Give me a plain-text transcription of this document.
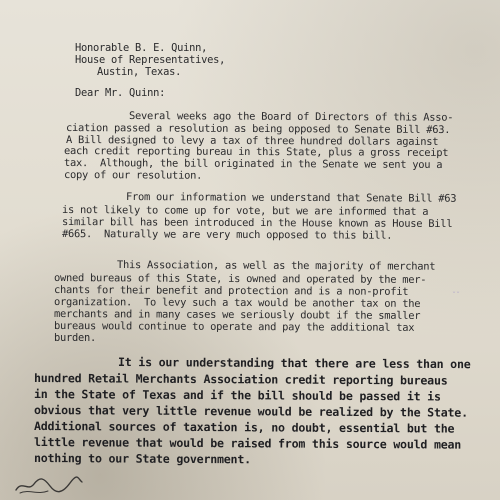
Honorable B. E. Quinn,
House of Representatives,
Austin, Texas.
Dear Mr. Quinn:
Several weeks ago the Board of Directors of this Asso-
ciation passed a resolution as being opposed to Senate Bill #63.
A Bill designed to levy a tax of three hundred dollars against
each credit reporting bureau in this State, plus a gross receipt
tax.  Although, the bill originated in the Senate we sent you a
copy of our resolution.
From our information we understand that Senate Bill #63
is not likely to come up for vote, but we are informed that a
similar bill has been introduced in the House known as House Bill
#665.  Naturally we are very much opposed to this bill.
This Association, as well as the majority of merchant
owned bureaus of this State, is owned and operated by the mer-
chants for their benefit and protection and is a non-profit
organization.  To levy such a tax would be another tax on the
merchants and in many cases we seriously doubt if the smaller
bureaus would continue to operate and pay the additional tax
burden.
It is our understanding that there are less than one
hundred Retail Merchants Association credit reporting bureaus
in the State of Texas and if the bill should be passed it is
obvious that very little revenue would be realized by the State.
Additional sources of taxation is, no doubt, essential but the
little revenue that would be raised from this source would mean
nothing to our State government.
ˇˇ
